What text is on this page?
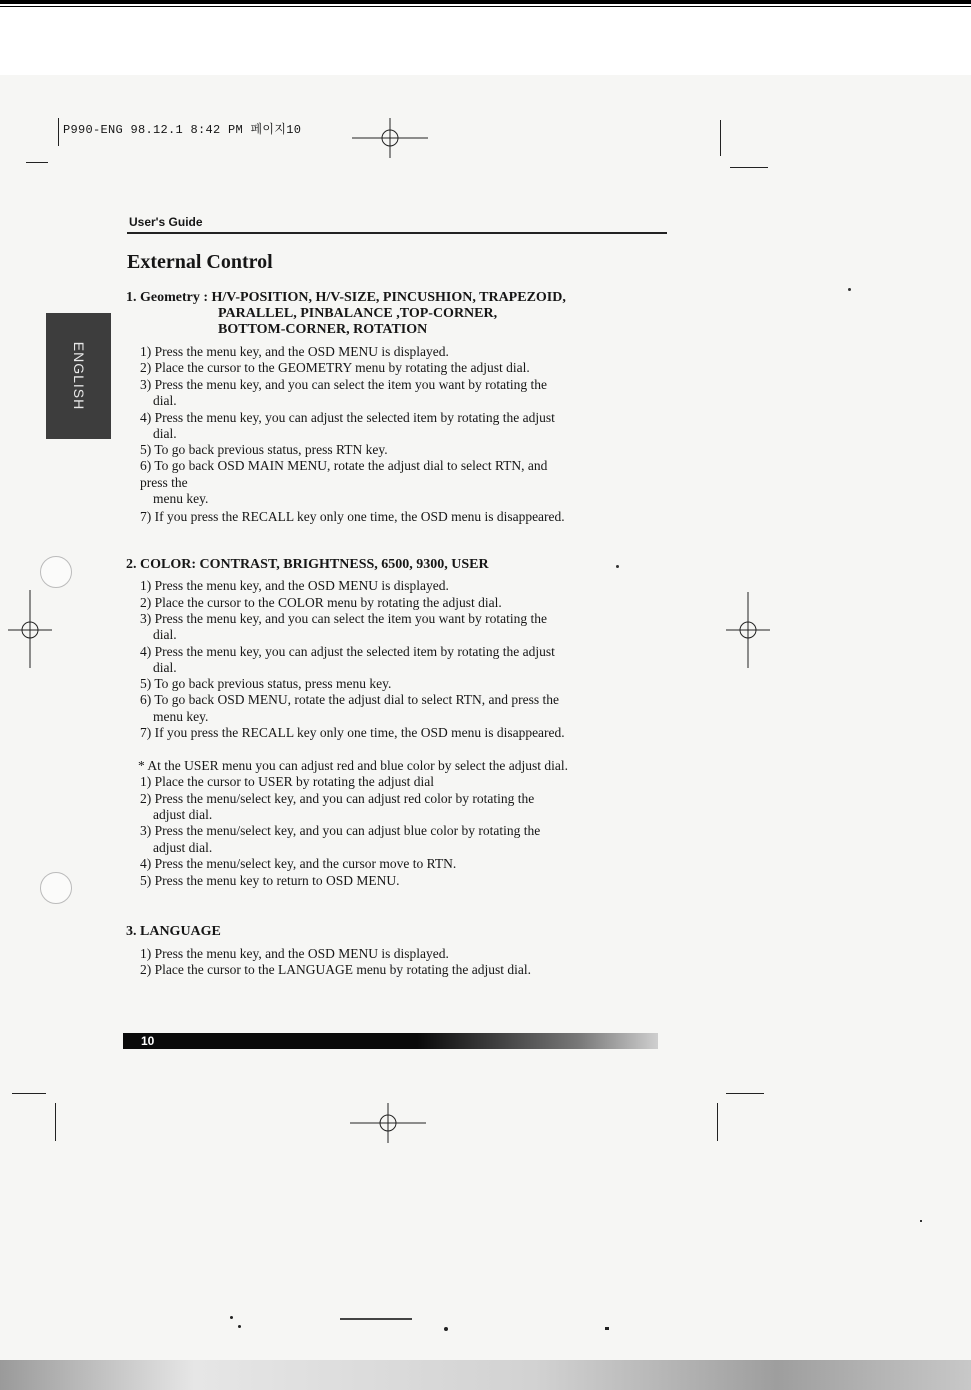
P990-ENG 98.12.1 8:42 PM 페이지10
User's Guide
External Control
ENGLISH
1. Geometry : H/V-POSITION, H/V-SIZE, PINCUSHION, TRAPEZOID,
PARALLEL, PINBALANCE ,TOP-CORNER,
BOTTOM-CORNER, ROTATION
1) Press the menu key, and the OSD MENU is displayed.
2) Place the cursor to the GEOMETRY menu by rotating the adjust dial.
3) Press the menu key, and you can select the item you want by rotating the
dial.
4) Press the menu key, you can adjust the selected item by rotating the adjust
dial.
5) To go back previous status, press RTN key.
6) To go back OSD MAIN MENU, rotate the adjust dial to select RTN, and
press the
menu key.
7) If you press the RECALL key only one time, the OSD menu is disappeared.
2. COLOR: CONTRAST, BRIGHTNESS, 6500, 9300, USER
1) Press the menu key, and the OSD MENU is displayed.
2) Place the cursor to the COLOR menu by rotating the adjust dial.
3) Press the menu key, and you can select the item you want by rotating the
dial.
4) Press the menu key, you can adjust the selected item by rotating the adjust
dial.
5) To go back previous status, press menu key.
6) To go back OSD MENU, rotate the adjust dial to select RTN, and press the
menu key.
7) If you press the RECALL key only one time, the OSD menu is disappeared.
* At the USER menu you can adjust red and blue color by select the adjust dial.
1) Place the cursor to USER by rotating the adjust dial
2) Press the menu/select key, and you can adjust red color by rotating the
adjust dial.
3) Press the menu/select key, and you can adjust blue color by rotating the
adjust dial.
4) Press the menu/select key, and the cursor move to RTN.
5) Press the menu key to return to OSD MENU.
3. LANGUAGE
1) Press the menu key, and the OSD MENU is displayed.
2) Place the cursor to the LANGUAGE menu by rotating the adjust dial.
10
